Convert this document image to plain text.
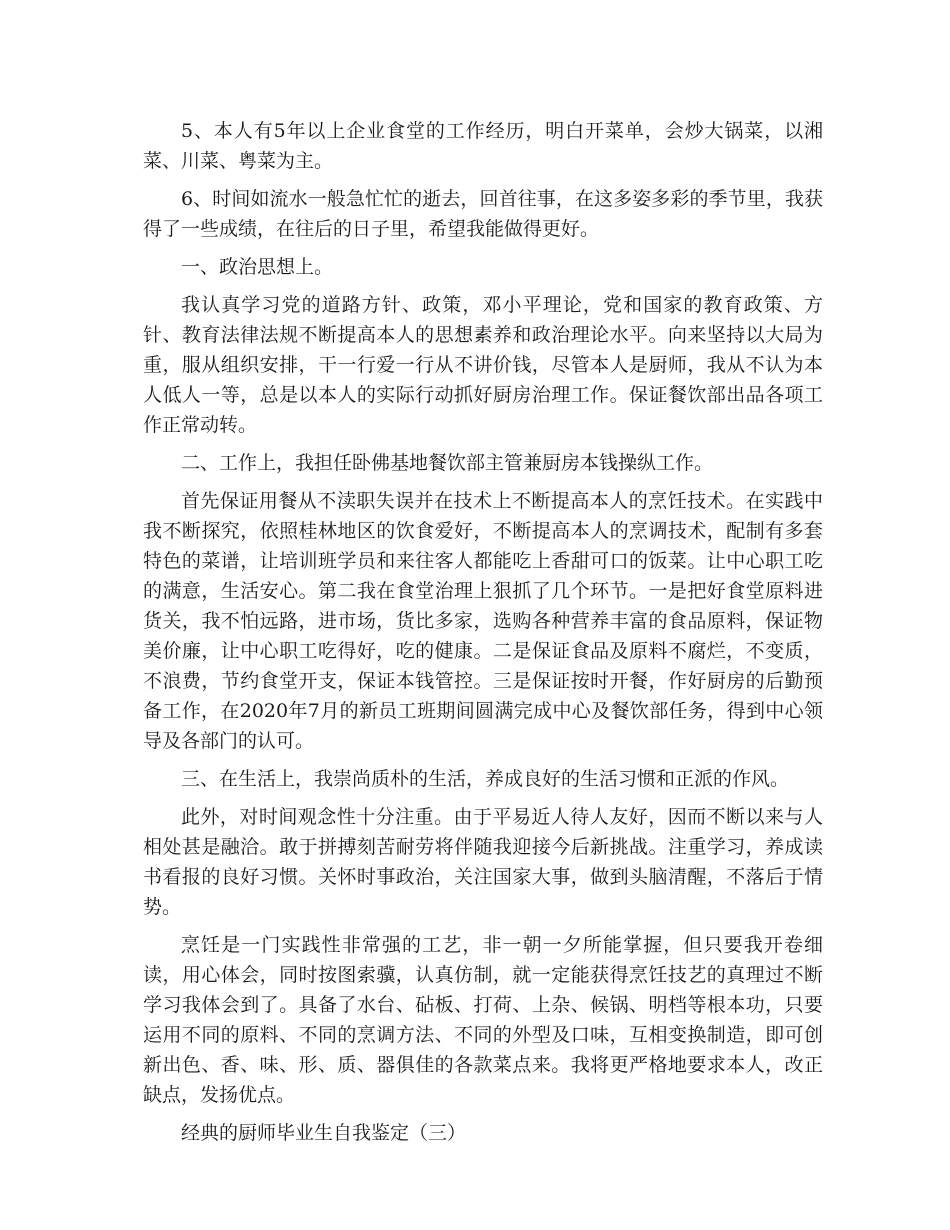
5、本人有5年以上企业食堂的工作经历，明白开菜单，会炒大锅菜，以湘菜、川菜、粤菜为主。

6、时间如流水一般急忙忙的逝去，回首往事，在这多姿多彩的季节里，我获得了一些成绩，在往后的日子里，希望我能做得更好。

一、政治思想上。

我认真学习党的道路方针、政策，邓小平理论，党和国家的教育政策、方针、教育法律法规不断提高本人的思想素养和政治理论水平。向来坚持以大局为重，服从组织安排，干一行爱一行从不讲价钱，尽管本人是厨师，我从不认为本人低人一等，总是以本人的实际行动抓好厨房治理工作。保证餐饮部出品各项工作正常动转。

二、工作上，我担任卧佛基地餐饮部主管兼厨房本钱操纵工作。

首先保证用餐从不渎职失误并在技术上不断提高本人的烹饪技术。在实践中我不断探究，依照桂林地区的饮食爱好，不断提高本人的烹调技术，配制有多套特色的菜谱，让培训班学员和来往客人都能吃上香甜可口的饭菜。让中心职工吃的满意，生活安心。第二我在食堂治理上狠抓了几个环节。一是把好食堂原料进货关，我不怕远路，进市场，货比多家，选购各种营养丰富的食品原料，保证物美价廉，让中心职工吃得好，吃的健康。二是保证食品及原料不腐烂，不变质，不浪费，节约食堂开支，保证本钱管控。三是保证按时开餐，作好厨房的后勤预备工作，在2020年7月的新员工班期间圆满完成中心及餐饮部任务，得到中心领导及各部门的认可。

三、在生活上，我崇尚质朴的生活，养成良好的生活习惯和正派的作风。

此外，对时间观念性十分注重。由于平易近人待人友好，因而不断以来与人相处甚是融洽。敢于拼搏刻苦耐劳将伴随我迎接今后新挑战。注重学习，养成读书看报的良好习惯。关怀时事政治，关注国家大事，做到头脑清醒，不落后于情势。

烹饪是一门实践性非常强的工艺，非一朝一夕所能掌握，但只要我开卷细读，用心体会，同时按图索骥，认真仿制，就一定能获得烹饪技艺的真理过不断学习我体会到了。具备了水台、砧板、打荷、上杂、候锅、明档等根本功，只要运用不同的原料、不同的烹调方法、不同的外型及口味，互相变换制造，即可创新出色、香、味、形、质、器俱佳的各款菜点来。我将更严格地要求本人，改正缺点，发扬优点。

经典的厨师毕业生自我鉴定（三）
